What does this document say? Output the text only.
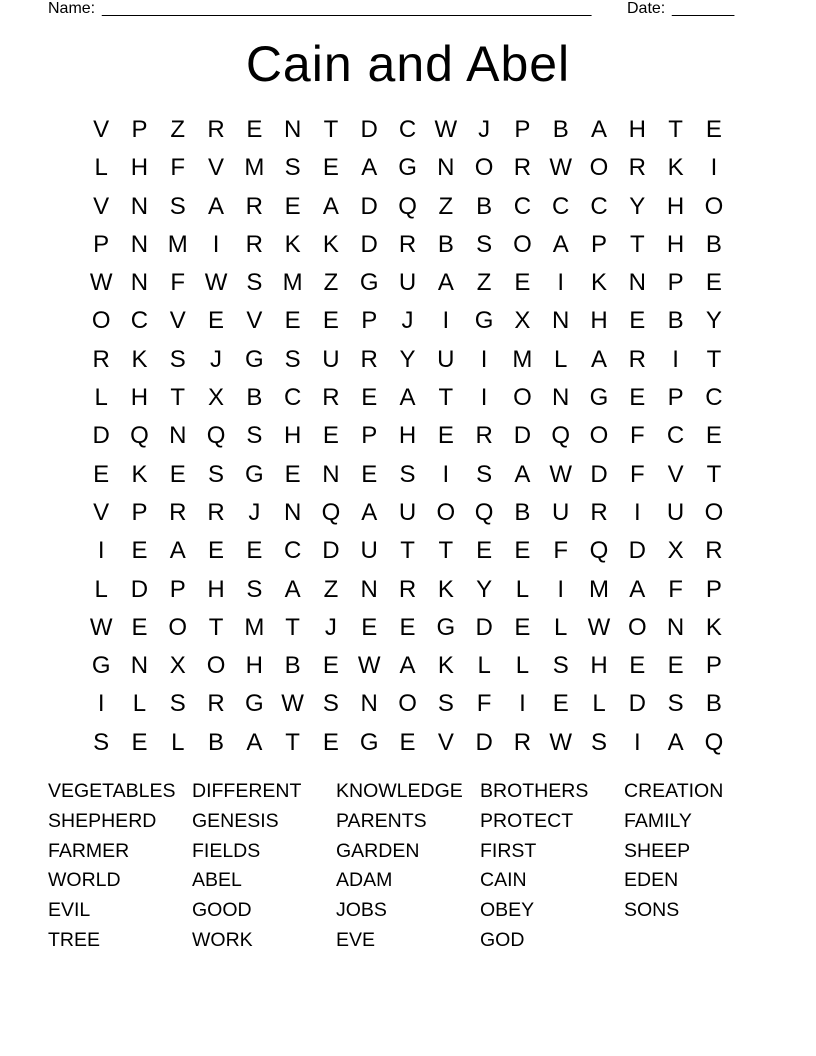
Name: _______________________________________________________ Date: _______
Cain and Abel
V P Z R E N T D C W J	P B A H T E
L H F V M S E A G N O R W O R K	I
V N S A R E A D Q Z B C C C Y H O
P N M	I	R K K D R B S O A P T H B
W N F W S M Z G U A Z E	I	K N P E
O C V E V E E P	J	I	G X N H E B Y
R K S	J G S U R Y U	I	M L A R	I	T
L H T X B C R E A T	I	O N G E P C
D Q N Q S H E P H E R D Q O F C E
E K E S G E N E S	I	S A W D F V T
V P R R J N Q A U O Q B U R	I	U O
I	E A E E C D U T T E E F Q D X R
L D P H S A Z N R K Y L	I	M A F P
W E O T M T	J	E E G D E L W O N K
G N X O H B E W A K L	L S H E E P
I	L S R G W S N O S F	I	E L D S B
S E L B A T E G E V D R W S	I	A Q
VEGETABLES DIFFERENT	KNOWLEDGE BROTHERS	CREATION
SHEPHERD	GENESIS	PARENTS	PROTECT	FAMILY
FARMER	FIELDS	GARDEN	FIRST	SHEEP
WORLD	ABEL	ADAM	CAIN	EDEN
EVIL	GOOD	JOBS	OBEY	SONS
TREE	WORK	EVE	GOD
